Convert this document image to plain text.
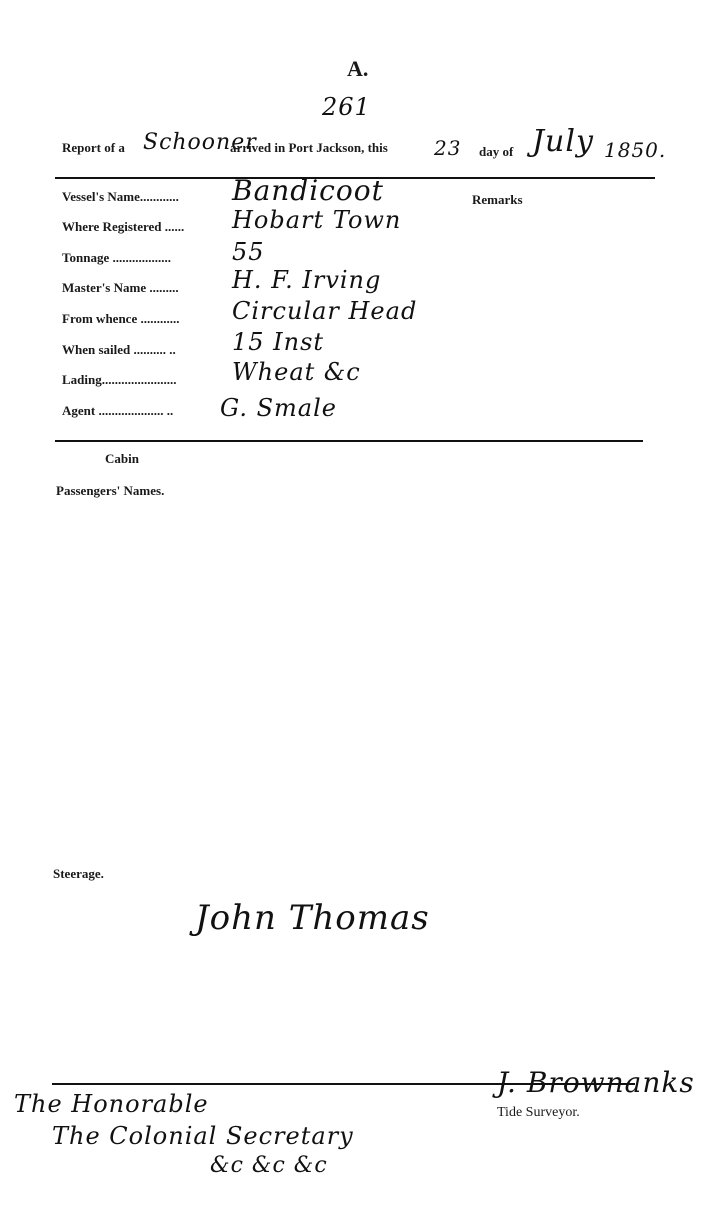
A.
261
Report of a Schooner
arrived in Port Jackson, this 23 day of July 1850.
Remarks
Vessel's Name............ Bandicoot
Where Registered ...... Hobart Town
Tonnage ..................	55
Master's Name ......... H. F. Irving
From whence ............ Circular Head
When sailed .......... .. 15 Inst
Lading....................... Wheat &c
Agent .................... .. G. Smale
Cabin
Passengers' Names.
Steerage.
John Thomas
J. Brownanks
Tide Surveyor.
The Honorable
The Colonial Secretary
&c &c &c
